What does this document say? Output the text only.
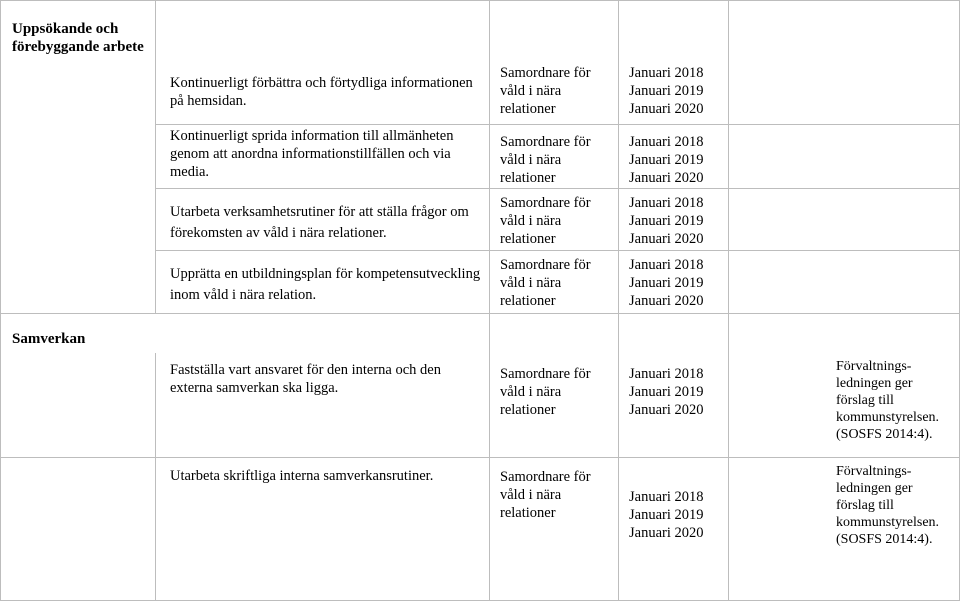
Uppsökande och förebyggande arbete
Kontinuerligt förbättra och förtydliga informationen på hemsidan.
Samordnare för
våld i nära
relationer
Januari 2018
Januari 2019
Januari 2020
Kontinuerligt sprida information till allmänheten genom att anordna informationstillfällen och via media.
Samordnare för
våld i nära
relationer
Januari 2018
Januari 2019
Januari 2020
Utarbeta verksamhetsrutiner för att ställa frågor om förekomsten av våld i nära relationer.
Samordnare för
våld i nära
relationer
Januari 2018
Januari 2019
Januari 2020
Upprätta en utbildningsplan för kompetensutveckling inom våld i nära relation.
Samordnare för
våld i nära
relationer
Januari 2018
Januari 2019
Januari 2020
Samverkan
Fastställa vart ansvaret för den interna och den externa samverkan ska ligga.
Samordnare för
våld i nära
relationer
Januari 2018
Januari 2019
Januari 2020
Förvaltnings-
ledningen ger
förslag till
kommunstyrelsen.
(SOSFS 2014:4).
Utarbeta skriftliga interna samverkansrutiner.	Samordnare för
våld i nära
relationer
Januari 2018
Januari 2019
Januari 2020
Förvaltnings-
ledningen ger
förslag till
kommunstyrelsen.
(SOSFS 2014:4).
